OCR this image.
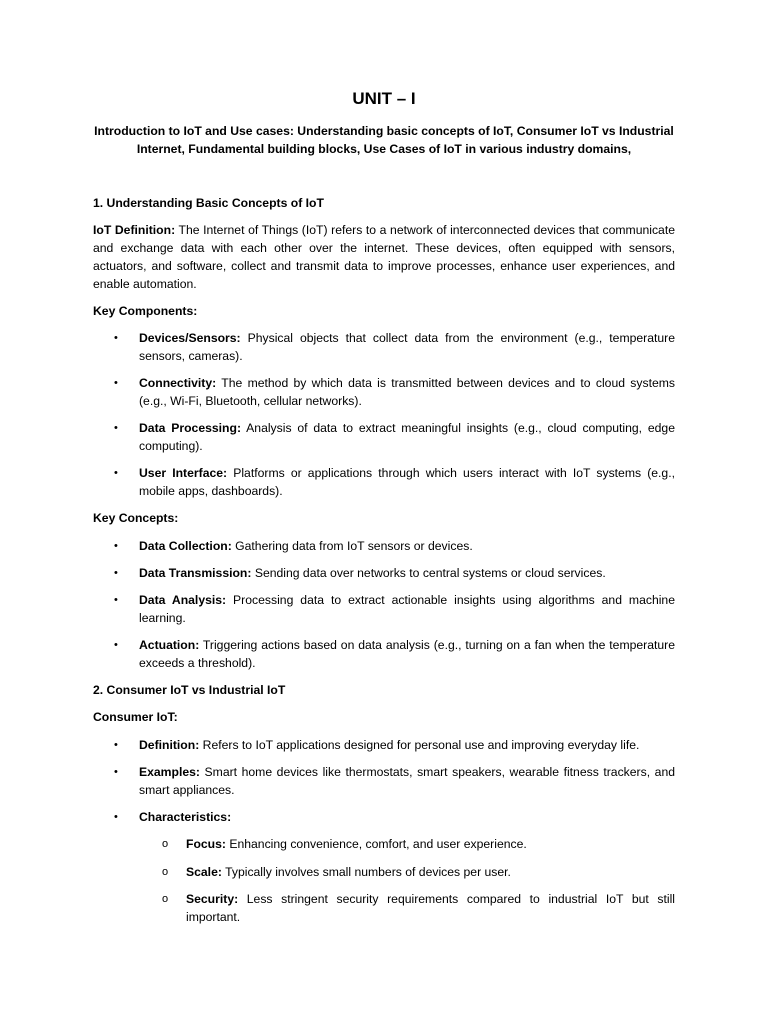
UNIT – I
Introduction to IoT and Use cases: Understanding basic concepts of IoT, Consumer IoT vs Industrial Internet, Fundamental building blocks, Use Cases of IoT in various industry domains,
1. Understanding Basic Concepts of IoT
IoT Definition: The Internet of Things (IoT) refers to a network of interconnected devices that communicate and exchange data with each other over the internet. These devices, often equipped with sensors, actuators, and software, collect and transmit data to improve processes, enhance user experiences, and enable automation.
Key Components:
• Devices/Sensors: Physical objects that collect data from the environment (e.g., temperature sensors, cameras).
• Connectivity: The method by which data is transmitted between devices and to cloud systems (e.g., Wi-Fi, Bluetooth, cellular networks).
• Data Processing: Analysis of data to extract meaningful insights (e.g., cloud computing, edge computing).
• User Interface: Platforms or applications through which users interact with IoT systems (e.g., mobile apps, dashboards).
Key Concepts:
• Data Collection: Gathering data from IoT sensors or devices.
• Data Transmission: Sending data over networks to central systems or cloud services.
• Data Analysis: Processing data to extract actionable insights using algorithms and machine learning.
• Actuation: Triggering actions based on data analysis (e.g., turning on a fan when the temperature exceeds a threshold).
2. Consumer IoT vs Industrial IoT
Consumer IoT:
• Definition: Refers to IoT applications designed for personal use and improving everyday life.
• Examples: Smart home devices like thermostats, smart speakers, wearable fitness trackers, and smart appliances.
• Characteristics:
o Focus: Enhancing convenience, comfort, and user experience.
o Scale: Typically involves small numbers of devices per user.
o Security: Less stringent security requirements compared to industrial IoT but still important.
